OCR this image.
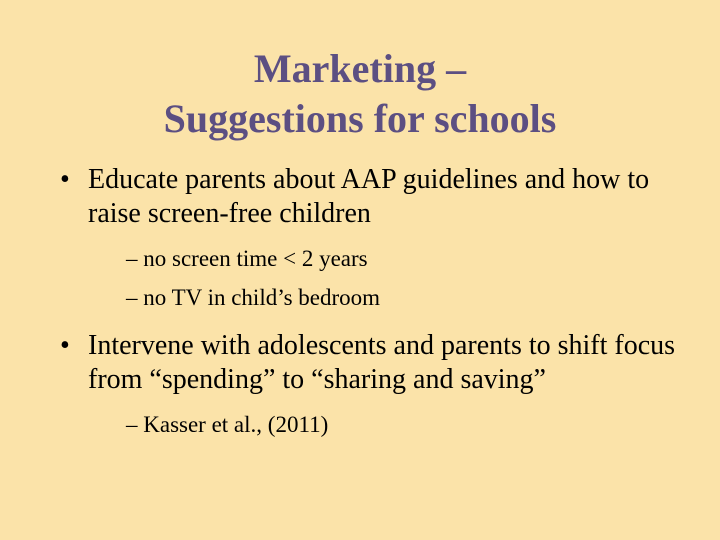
Marketing –
Suggestions for schools
• Educate parents about AAP guidelines and how to raise screen-free children
– no screen time < 2 years
– no TV in child’s bedroom
• Intervene with adolescents and parents to shift focus from “spending” to “sharing and saving”
– Kasser et al., (2011)
